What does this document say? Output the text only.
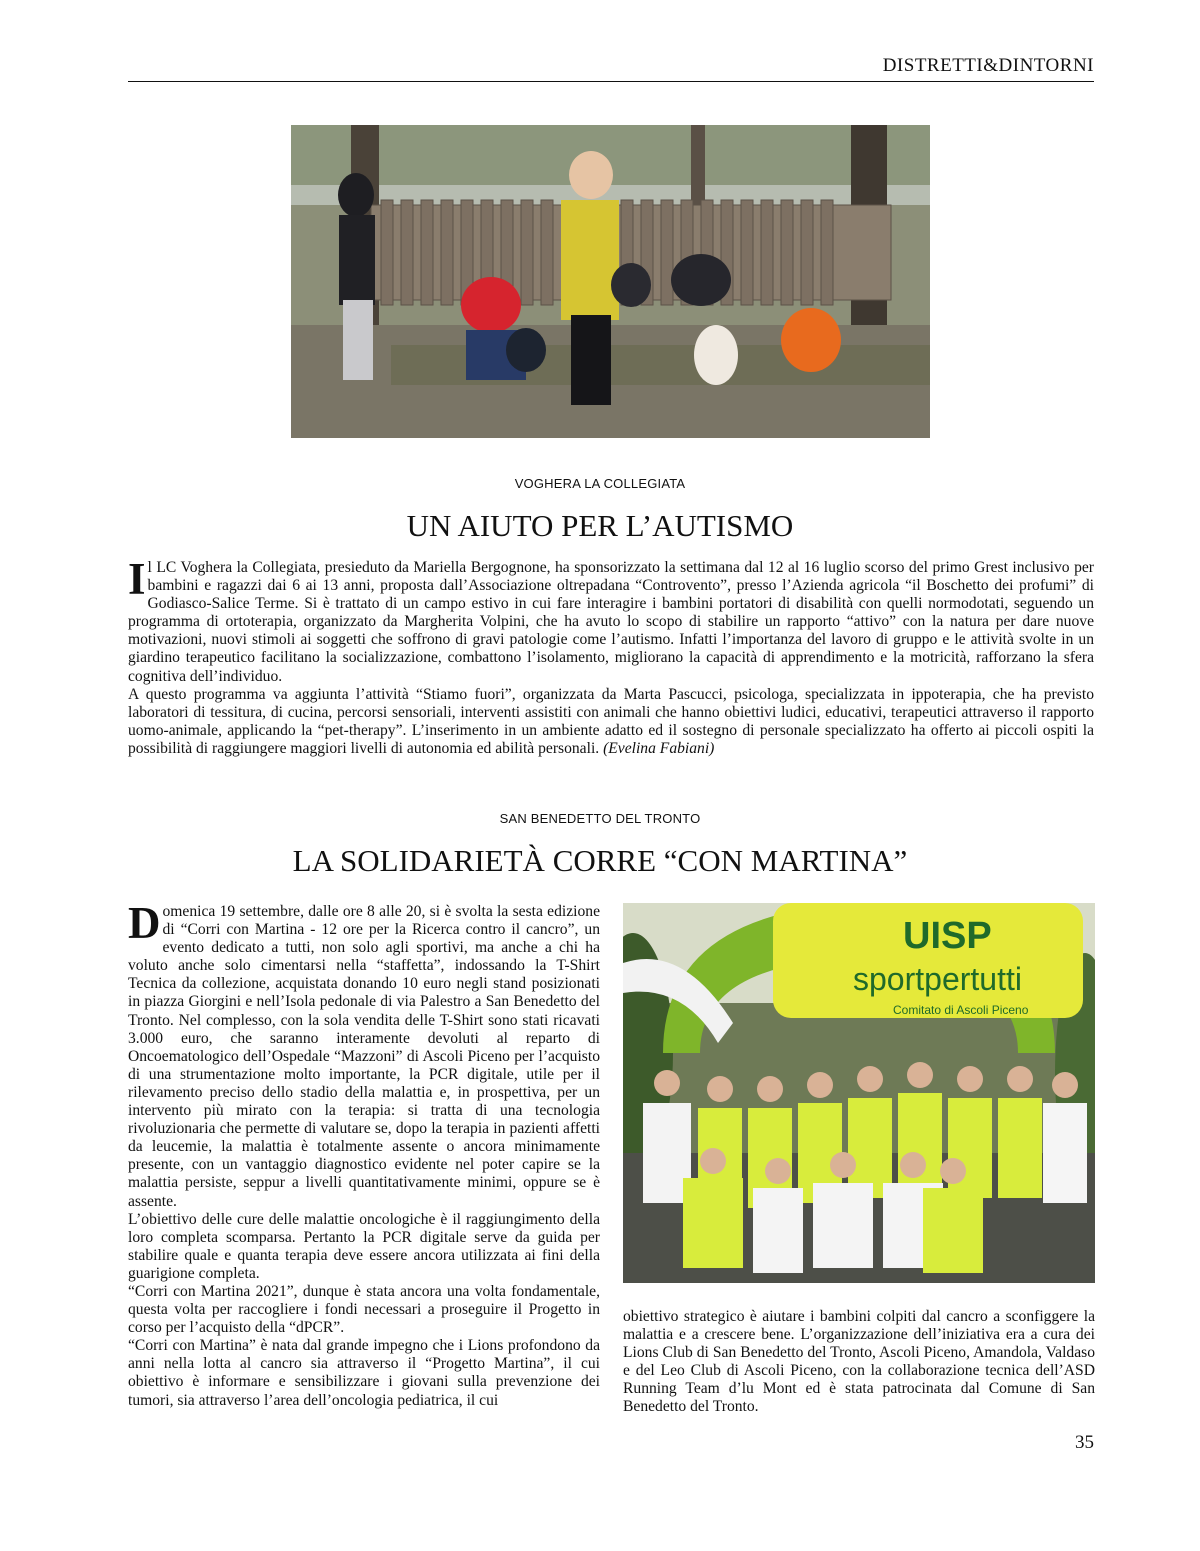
DISTRETTI&DINTORNI
VOGHERA LA COLLEGIATA
UN AIUTO PER L’AUTISMO

Il LC Voghera la Collegiata, presieduto da Mariella Bergognone, ha sponsorizzato la settimana dal 12 al 16 luglio scorso del primo Grest inclusivo per bambini e ragazzi dai 6 ai 13 anni, proposta dall’Associazione oltrepadana “Controvento”, presso l’Azienda agricola “il Boschetto dei profumi” di Godiasco-Salice Terme. Si è trattato di un campo estivo in cui fare interagire i bambini portatori di disabilità con quelli normodotati, seguendo un programma di ortoterapia, organizzato da Margherita Volpini, che ha avuto lo scopo di stabilire un rapporto “attivo” con la natura per dare nuove motivazioni, nuovi stimoli ai soggetti che soffrono di gravi patologie come l’autismo. Infatti l’importanza del lavoro di gruppo e le attività svolte in un giardino terapeutico facilitano la socializzazione, combattono l’isolamento, migliorano la capacità di apprendimento e la motricità, rafforzano la sfera cognitiva dell’individuo.

A questo programma va aggiunta l’attività “Stiamo fuori”, organizzata da Marta Pascucci, psicologa, specializzata in ippoterapia, che ha previsto laboratori di tessitura, di cucina, percorsi sensoriali, interventi assistiti con animali che hanno obiettivi ludici, educativi, terapeutici attraverso il rapporto uomo-animale, applicando la “pet-therapy”. L’inserimento in un ambiente adatto ed il sostegno di personale specializzato ha offerto ai piccoli ospiti la possibilità di raggiungere maggiori livelli di autonomia ed abilità personali. (Evelina Fabiani)

SAN BENEDETTO DEL TRONTO
LA SOLIDARIETÀ CORRE “CON MARTINA”

Domenica 19 settembre, dalle ore 8 alle 20, si è svolta la sesta edizione di “Corri con Martina - 12 ore per la Ricerca contro il cancro”, un evento dedicato a tutti, non solo agli sportivi, ma anche a chi ha voluto anche solo cimentarsi nella “staffetta”, indossando la T-Shirt Tecnica da collezione, acquistata donando 10 euro negli stand posizionati in piazza Giorgini e nell’Isola pedonale di via Palestro a San Benedetto del Tronto. Nel complesso, con la sola vendita delle T-Shirt sono stati ricavati 3.000 euro, che saranno interamente devoluti al reparto di Oncoematologico dell’Ospedale “Mazzoni” di Ascoli Piceno per l’acquisto di una strumentazione molto importante, la PCR digitale, utile per il rilevamento preciso dello stadio della malattia e, in prospettiva, per un intervento più mirato con la terapia: si tratta di una tecnologia rivoluzionaria che permette di valutare se, dopo la terapia in pazienti affetti da leucemie, la malattia è totalmente assente o ancora minimamente presente, con un vantaggio diagnostico evidente nel poter capire se la malattia persiste, seppur a livelli quantitativamente minimi, oppure se è assente.

L’obiettivo delle cure delle malattie oncologiche è il raggiungimento della loro completa scomparsa. Pertanto la PCR digitale serve da guida per stabilire quale e quanta terapia deve essere ancora utilizzata ai fini della guarigione completa.

“Corri con Martina 2021”, dunque è stata ancora una volta fondamentale, questa volta per raccogliere i fondi necessari a proseguire il Progetto in corso per l’acquisto della “dPCR”.

“Corri con Martina” è nata dal grande impegno che i Lions profondono da anni nella lotta al cancro sia attraverso il “Progetto Martina”, il cui obiettivo è informare e sensibilizzare i giovani sulla prevenzione dei tumori, sia attraverso l’area dell’oncologia pediatrica, il cui

UISP
sportpertutti
Comitato di Ascoli Piceno

obiettivo strategico è aiutare i bambini colpiti dal cancro a sconfiggere la malattia e a crescere bene. L’organizzazione dell’iniziativa era a cura dei Lions Club di San Benedetto del Tronto, Ascoli Piceno, Amandola, Valdaso e del Leo Club di Ascoli Piceno, con la collaborazione tecnica dell’ASD Running Team d’lu Mont ed è stata patrocinata dal Comune di San Benedetto del Tronto.

35
